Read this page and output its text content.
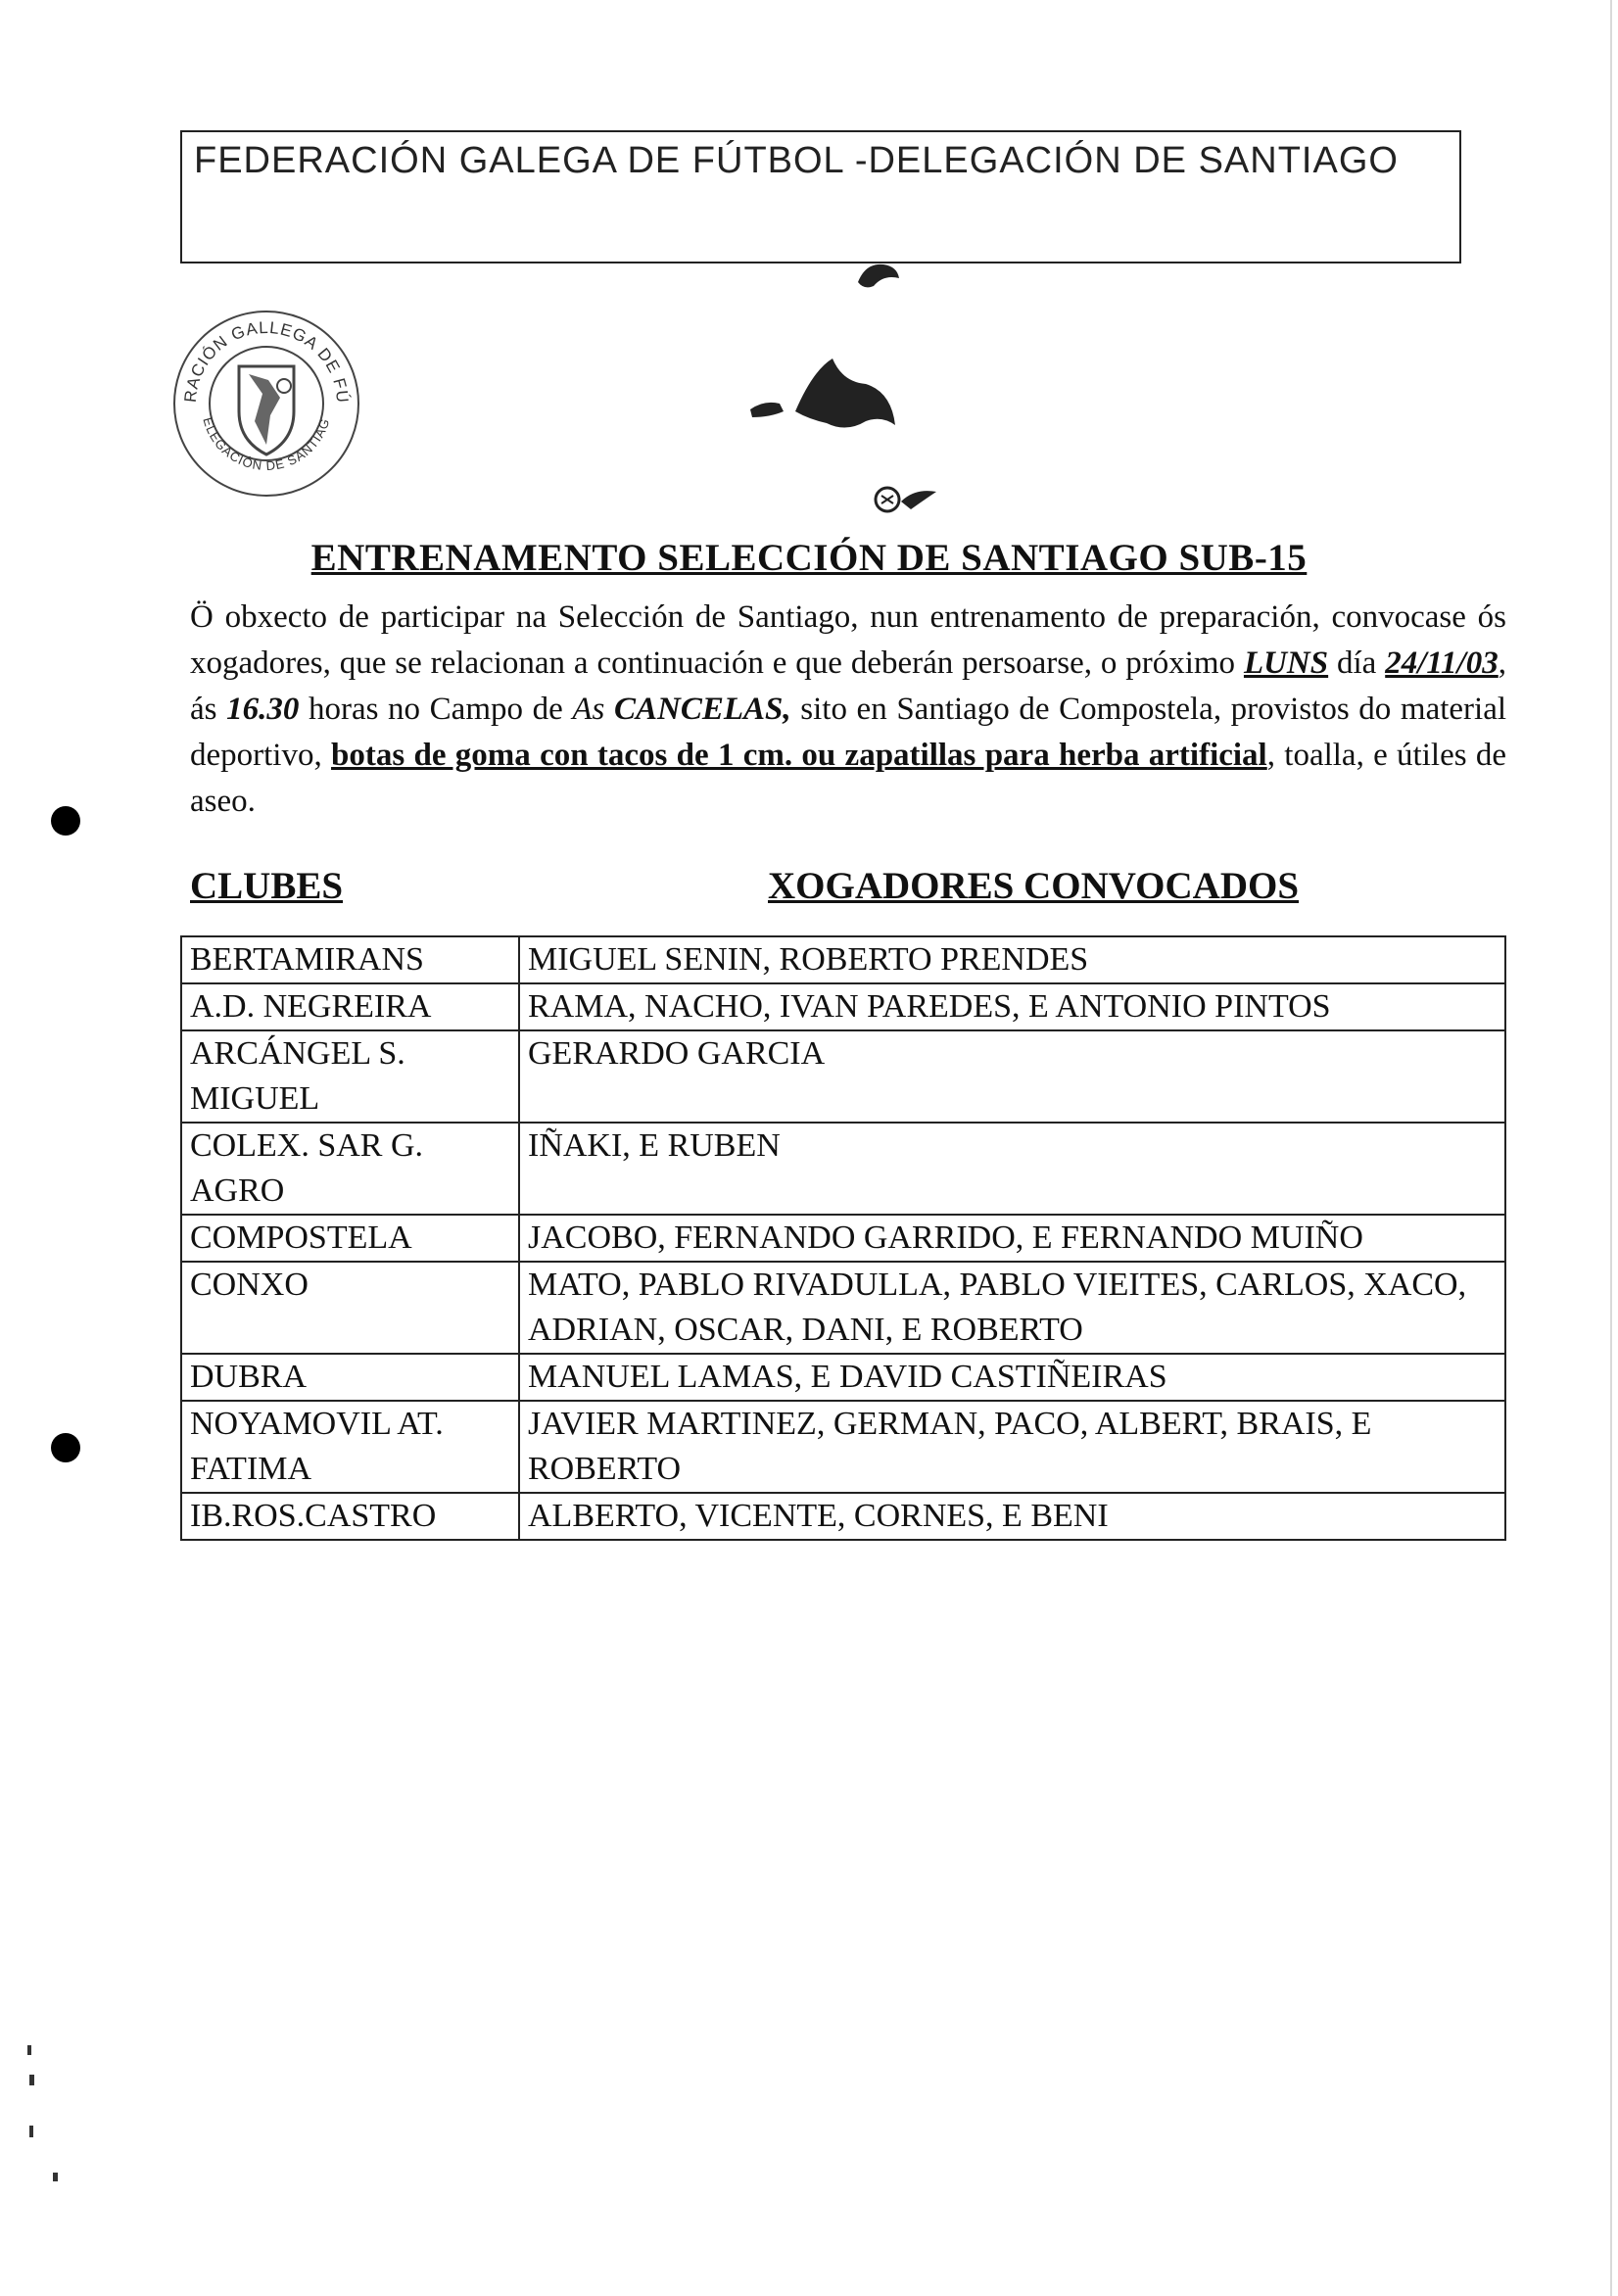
FEDERACIÓN GALEGA DE FÚTBOL -DELEGACIÓN DE SANTIAGO
RACIÓN GALLEGA DE FÚ
ELEGACIÓN DE SANTIAG
ENTRENAMENTO SELECCIÓN DE SANTIAGO SUB-15

Ö obxecto de participar na Selección de Santiago, nun entrenamento de preparación, convocase ós xogadores, que se relacionan a continuación e que deberán persoarse, o próximo LUNS día 24/11/03, ás 16.30 horas no Campo de As CANCELAS, sito en Santiago de Compostela, provistos do material deportivo, botas de goma con tacos de 1 cm. ou zapatillas para herba artificial, toalla, e útiles de aseo.

CLUBES	XOGADORES CONVOCADOS
BERTAMIRANS	MIGUEL SENIN, ROBERTO PRENDES
A.D. NEGREIRA	RAMA, NACHO, IVAN PAREDES, E ANTONIO PINTOS
ARCÁNGEL S. MIGUEL	GERARDO GARCIA
COLEX. SAR G. AGRO	IÑAKI, E RUBEN
COMPOSTELA	JACOBO, FERNANDO GARRIDO, E FERNANDO MUIÑO
CONXO	MATO, PABLO RIVADULLA, PABLO VIEITES, CARLOS, XACO, ADRIAN, OSCAR, DANI, E ROBERTO
DUBRA	MANUEL LAMAS, E DAVID CASTIÑEIRAS
NOYAMOVIL AT. FATIMA	JAVIER MARTINEZ, GERMAN, PACO, ALBERT, BRAIS, E ROBERTO
IB.ROS.CASTRO	ALBERTO, VICENTE, CORNES, E BENI
